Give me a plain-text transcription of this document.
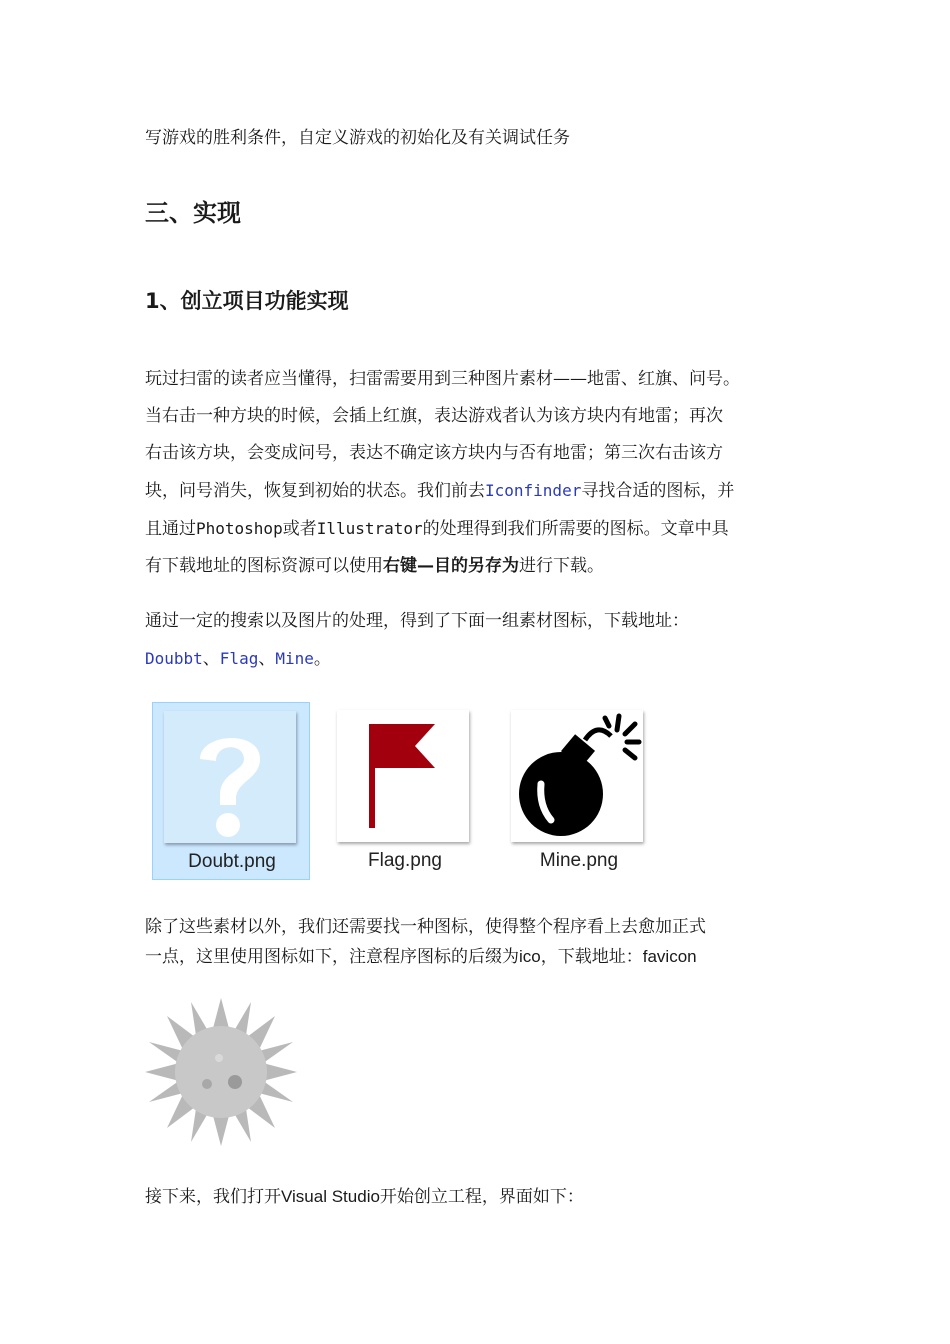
写游戏的胜利条件，自定义游戏的初始化及有关调试任务

三、实现
1、创立项目功能实现
玩过扫雷的读者应当懂得，扫雷需要用到三种图片素材——地雷、红旗、问号。
当右击一种方块的时候，会插上红旗，表达游戏者认为该方块内有地雷；再次
右击该方块，会变成问号，表达不确定该方块内与否有地雷；第三次右击该方
块，问号消失，恢复到初始的状态。我们前去Iconfinder寻找合适的图标，并
且通过Photoshop或者Illustrator的处理得到我们所需要的图标。文章中具
有下载地址的图标资源可以使用右键—目的另存为进行下载。
通过一定的搜索以及图片的处理，得到了下面一组素材图标，下载地址：
Doubbt、Flag、Mine。
Doubt.png	Flag.png	Mine.png
除了这些素材以外，我们还需要找一种图标，使得整个程序看上去愈加正式
一点，这里使用图标如下，注意程序图标的后缀为ico，下载地址：favicon

接下来，我们打开Visual Studio开始创立工程，界面如下：
